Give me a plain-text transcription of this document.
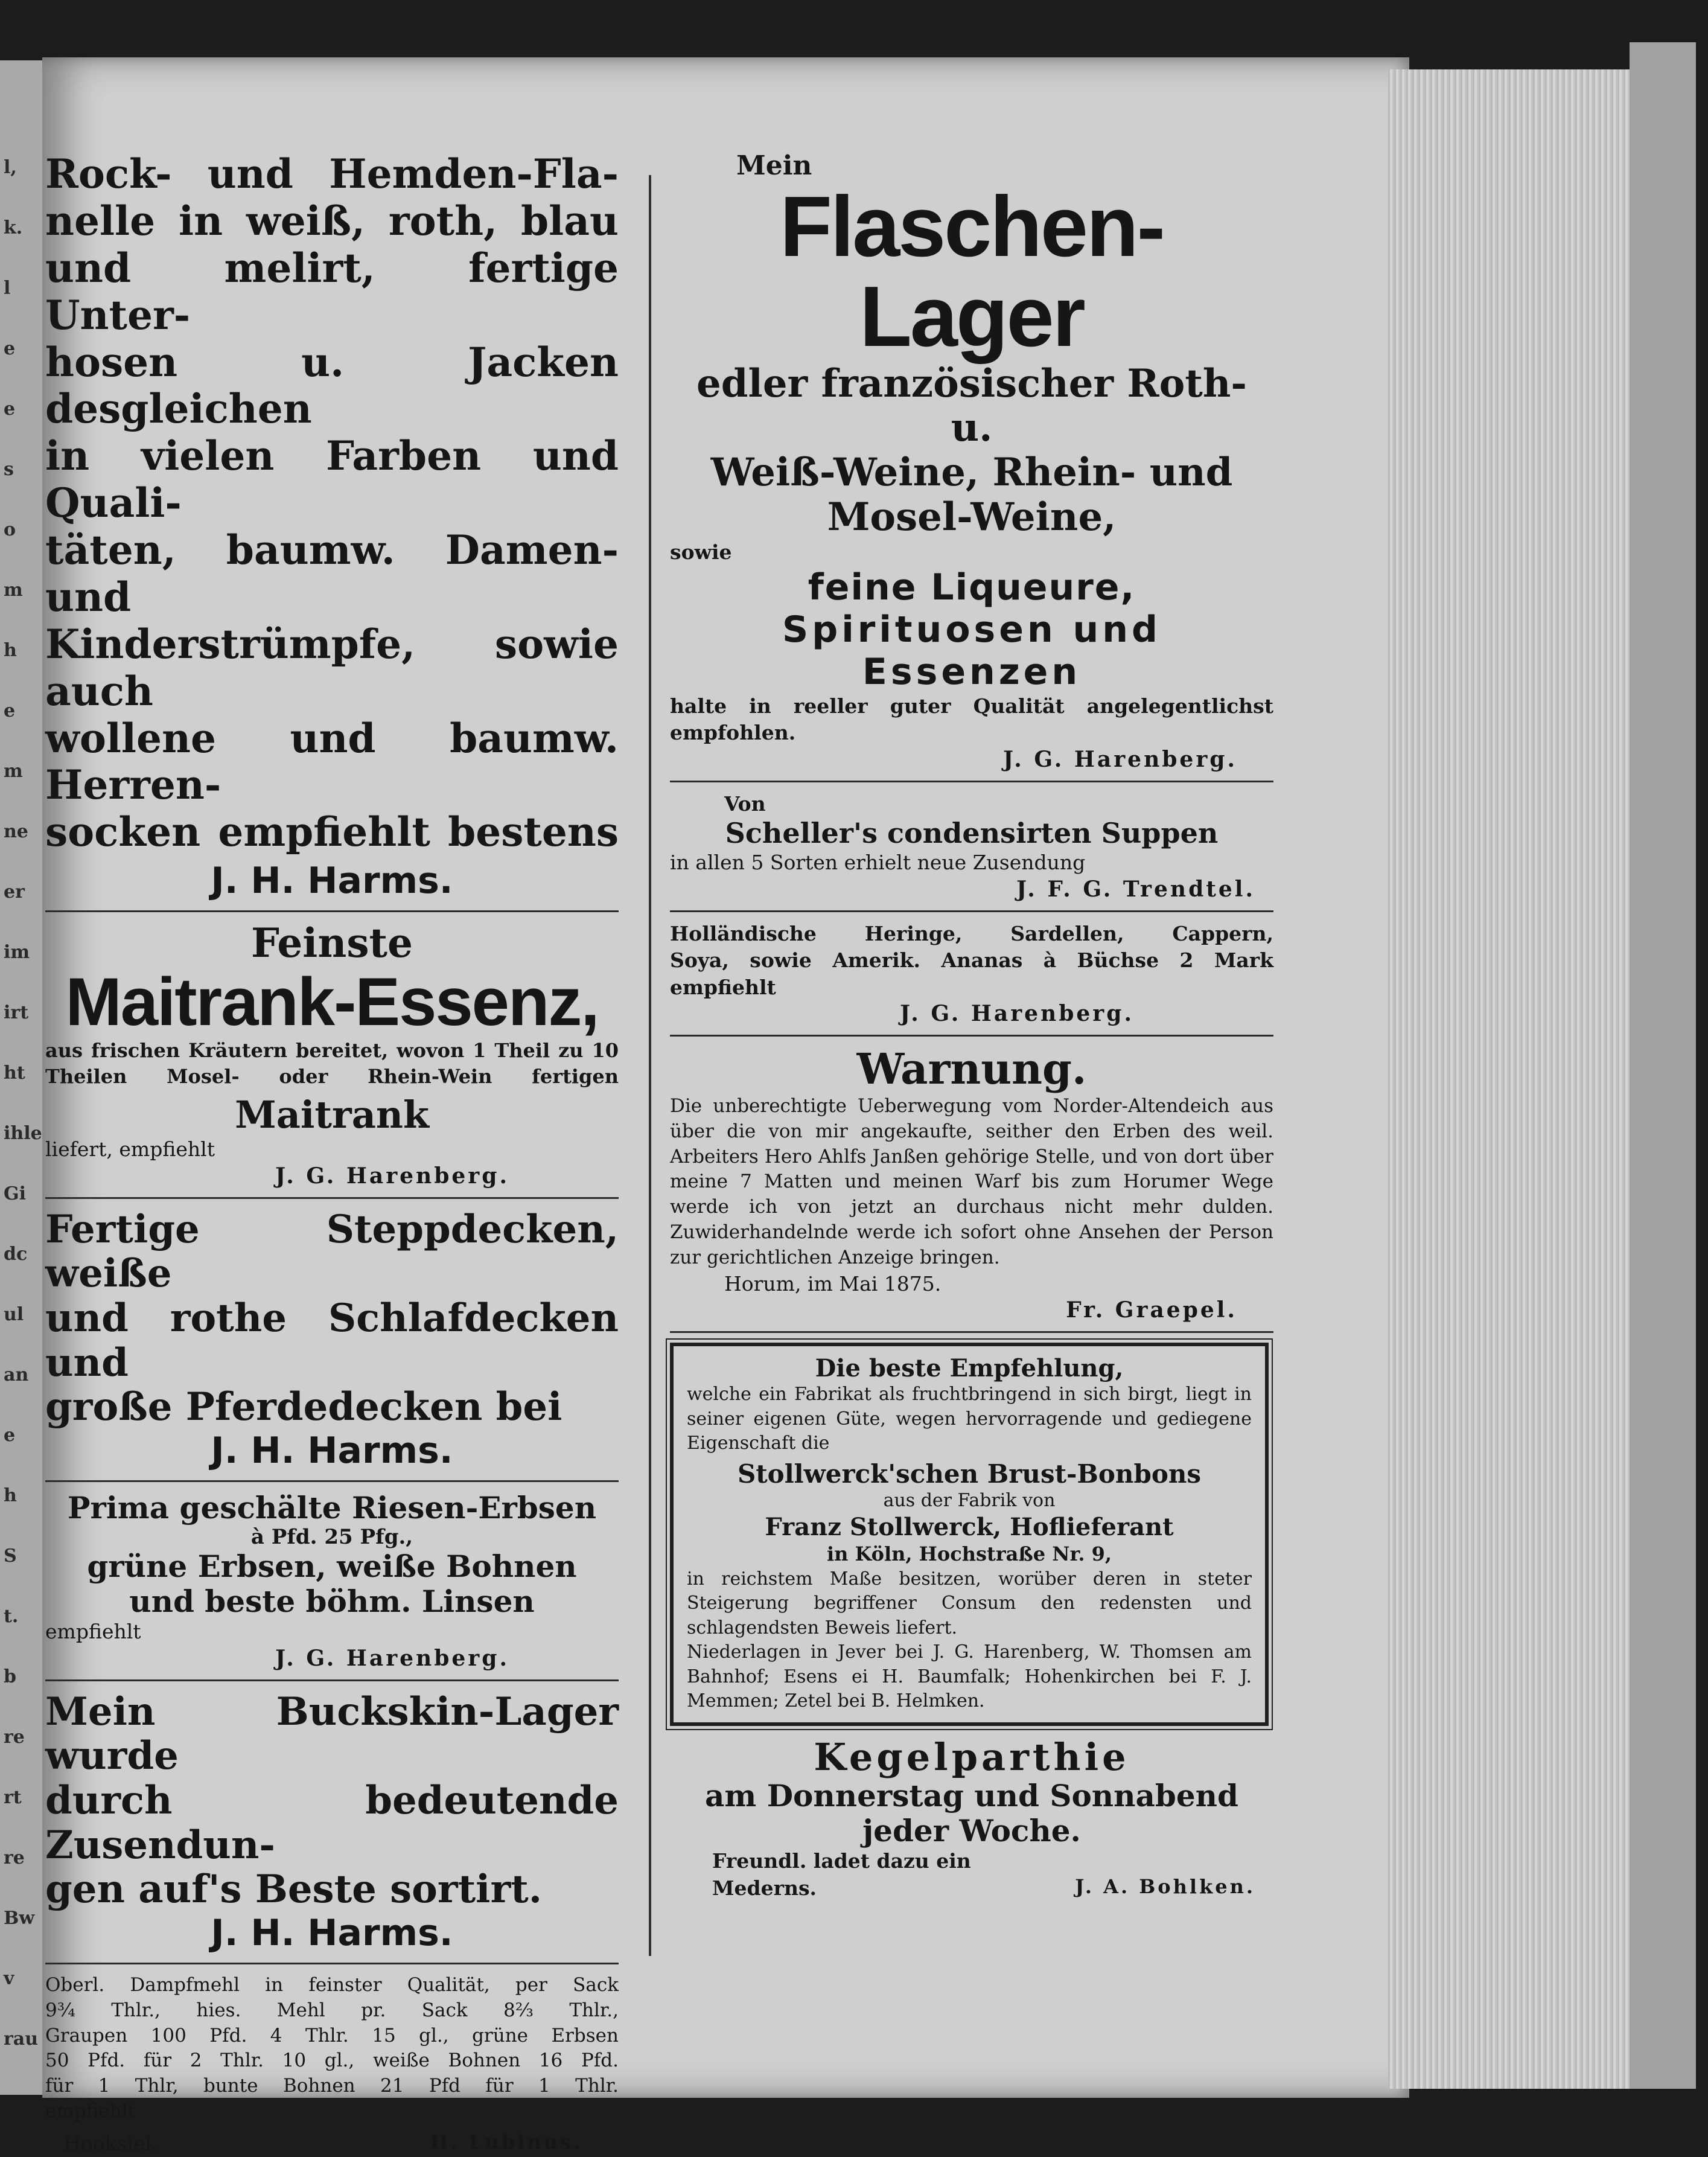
l,
k.
l
e
e
s
o
m
h
e
m
ne
er
im
irt
ht
ihle
Gi
dc
ul
an
e
h
S
t.
b
re
rt
re
Bw
v
rau
Rock- und Hemden-Fla-
nelle in weiß, roth, blau
und melirt, fertige Unter-
hosen u. Jacken desgleichen
in vielen Farben und Quali-
täten, baumw. Damen- und
Kinderstrümpfe, sowie auch
wollene und baumw. Herren-
socken empfiehlt bestens
J. H. Harms.
Feinste
Maitrank-Essenz,
aus frischen Kräutern bereitet, wovon 1 Theil zu 10 Theilen Mosel- oder Rhein-Wein fertigen
Maitrank
liefert, empfiehlt
J. G. Harenberg.
Fertige Steppdecken, weiße
und rothe Schlafdecken und
große Pferdedecken bei
J. H. Harms.
Prima geschälte Riesen-Erbsen
à Pfd. 25 Pfg.,
grüne Erbsen, weiße Bohnen
und beste böhm. Linsen
empfiehlt
J. G. Harenberg.
Mein Buckskin-Lager wurde
durch bedeutende Zusendun-
gen auf's Beste sortirt.
J. H. Harms.
Oberl. Dampfmehl in feinster Qualität, per Sack
9¾ Thlr., hies. Mehl pr. Sack 8⅔ Thlr.,
Graupen 100 Pfd. 4 Thlr. 15 gl., grüne Erbsen
50 Pfd. für 2 Thlr. 10 gl., weiße Bohnen 16 Pfd.
für 1 Thlr, bunte Bohnen 21 Pfd für 1 Thlr.
empfiehlt
Hooksiel.	H. Lubinus.
Mein
Flaschen-Lager
edler französischer Roth- u.
Weiß-Weine, Rhein- und
Mosel-Weine,
sowie
feine Liqueure,
Spirituosen und
Essenzen
halte in reeller guter Qualität angelegentlichst empfohlen.
J. G. Harenberg.
Von
Scheller's condensirten Suppen
in allen 5 Sorten erhielt neue Zusendung
J. F. G. Trendtel.
Holländische Heringe, Sardellen, Cappern,
Soya, sowie Amerik. Ananas à Büchse 2 Mark
empfiehlt
J. G. Harenberg.
Warnung.
Die unberechtigte Ueberwegung vom Norder-Altendeich aus über die von mir angekaufte, seither den Erben des weil. Arbeiters Hero Ahlfs Janßen gehörige Stelle, und von dort über meine 7 Matten und meinen Warf bis zum Horumer Wege werde ich von jetzt an durchaus nicht mehr dulden. Zuwiderhandelnde werde ich sofort ohne Ansehen der Person zur gerichtlichen Anzeige bringen.
Horum, im Mai 1875.
Fr. Graepel.
Die beste Empfehlung,
welche ein Fabrikat als fruchtbringend in sich birgt, liegt in seiner eigenen Güte, wegen hervorragende und gediegene Eigenschaft die
Stollwerck'schen Brust-Bonbons
aus der Fabrik von
Franz Stollwerck, Hoflieferant
in Köln, Hochstraße Nr. 9,
in reichstem Maße besitzen, worüber deren in steter Steigerung begriffener Consum den redensten und schlagendsten Beweis liefert.
Niederlagen in Jever bei J. G. Harenberg, W. Thomsen am Bahnhof; Esens ei H. Baumfalk; Hohenkirchen bei F. J. Memmen; Zetel bei B. Helmken.
Kegelparthie
am Donnerstag und Sonnabend
jeder Woche.
Freundl. ladet dazu ein
Mederns.	J. A. Bohlken.
